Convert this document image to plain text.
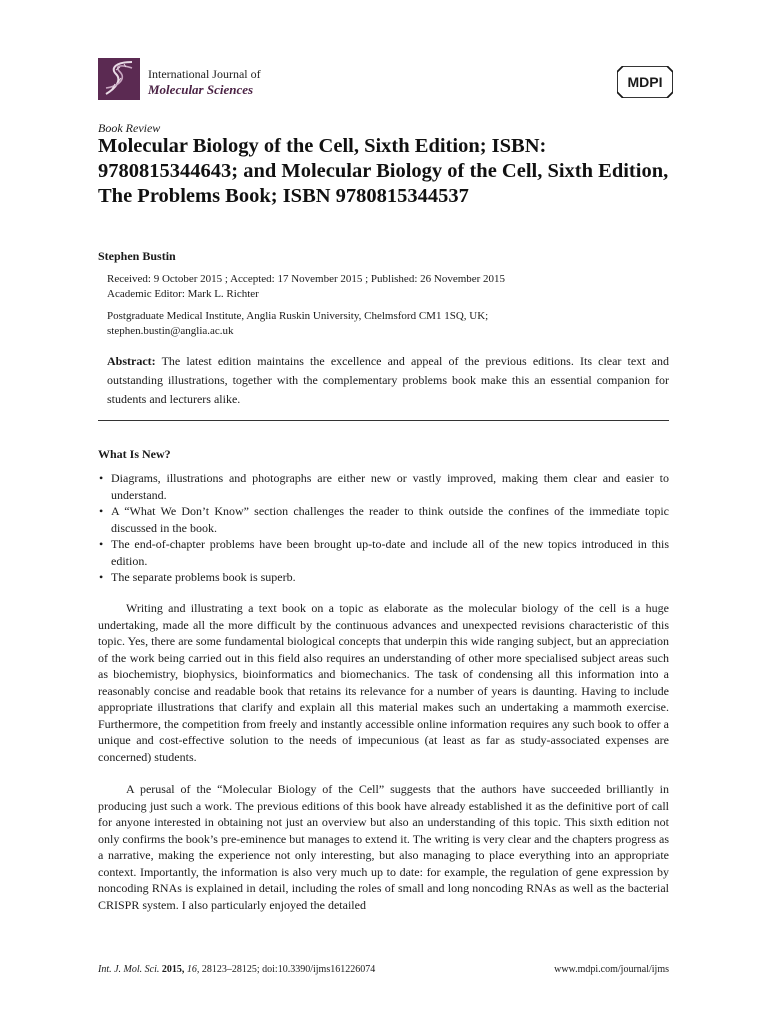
International Journal of
Molecular Sciences	MDPI
Book Review
Molecular Biology of the Cell, Sixth Edition; ISBN: 9780815344643; and Molecular Biology of the Cell, Sixth Edition, The Problems Book; ISBN 9780815344537
Stephen Bustin
Received: 9 October 2015 ; Accepted: 17 November 2015 ; Published: 26 November 2015
Academic Editor: Mark L. Richter
Postgraduate Medical Institute, Anglia Ruskin University, Chelmsford CM1 1SQ, UK;
stephen.bustin@anglia.ac.uk

Abstract: The latest edition maintains the excellence and appeal of the previous editions. Its clear text and outstanding illustrations, together with the complementary problems book make this an essential companion for students and lecturers alike.

What Is New?
• Diagrams, illustrations and photographs are either new or vastly improved, making them clear and easier to understand.
• A “What We Don’t Know” section challenges the reader to think outside the confines of the immediate topic discussed in the book.
• The end-of-chapter problems have been brought up-to-date and include all of the new topics introduced in this edition.
• The separate problems book is superb.

Writing and illustrating a text book on a topic as elaborate as the molecular biology of the cell is a huge undertaking, made all the more difficult by the continuous advances and unexpected revisions characteristic of this topic. Yes, there are some fundamental biological concepts that underpin this wide ranging subject, but an appreciation of the work being carried out in this field also requires an understanding of other more specialised subject areas such as biochemistry, biophysics, bioinformatics and biomechanics. The task of condensing all this information into a reasonably concise and readable book that retains its relevance for a number of years is daunting. Having to include appropriate illustrations that clarify and explain all this material makes such an undertaking a mammoth exercise. Furthermore, the competition from freely and instantly accessible online information requires any such book to offer a unique and cost-effective solution to the needs of impecunious (at least as far as study-associated expenses are concerned) students.

A perusal of the “Molecular Biology of the Cell” suggests that the authors have succeeded brilliantly in producing just such a work. The previous editions of this book have already established it as the definitive port of call for anyone interested in obtaining not just an overview but also an understanding of this topic. This sixth edition not only confirms the book’s pre-eminence but manages to extend it. The writing is very clear and the chapters progress as a narrative, making the experience not only interesting, but also managing to place everything into an appropriate context. Importantly, the information is also very much up to date: for example, the regulation of gene expression by noncoding RNAs is explained in detail, including the roles of small and long noncoding RNAs as well as the bacterial CRISPR system. I also particularly enjoyed the detailed

Int. J. Mol. Sci. 2015, 16, 28123–28125; doi:10.3390/ijms161226074	www.mdpi.com/journal/ijms
